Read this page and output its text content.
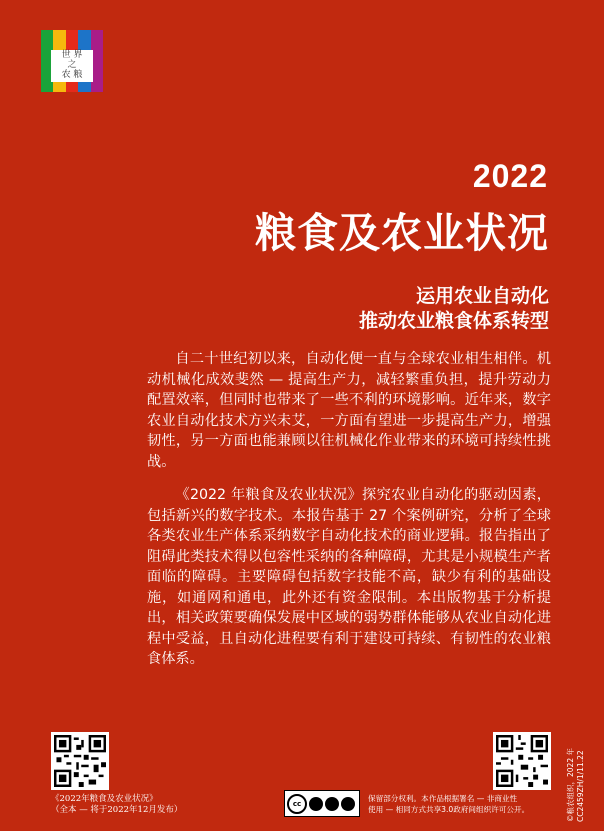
世 界
之
农 粮
2022
粮食及农业状况
运用农业自动化
推动农业粮食体系转型

自二十世纪初以来，自动化便一直与全球农业相生相伴。机动机械化成效斐然 — 提高生产力，减轻繁重负担，提升劳动力配置效率，但同时也带来了一些不利的环境影响。近年来，数字农业自动化技术方兴未艾，一方面有望进一步提高生产力，增强韧性，另一方面也能兼顾以往机械化作业带来的环境可持续性挑战。

《2022 年粮食及农业状况》探究农业自动化的驱动因素，包括新兴的数字技术。本报告基于 27 个案例研究，分析了全球各类农业生产体系采纳数字自动化技术的商业逻辑。报告指出了阻碍此类技术得以包容性采纳的各种障碍，尤其是小规模生产者面临的障碍。主要障碍包括数字技能不高，缺少有利的基础设施，如通网和通电，此外还有资金限制。本出版物基于分析提出，相关政策要确保发展中区域的弱势群体能够从农业自动化进程中受益，且自动化进程要有利于建设可持续、有韧性的农业粮食体系。

《2022年粮食及农业状况》
（全本 — 将于2022年12月发布）
cc
保留部分权利。本作品根据署名 — 非商业性
使用 — 相同方式共享3.0政府间组织许可公开。	©粮农组织，2022 年
CC2459ZH/1/11.22
